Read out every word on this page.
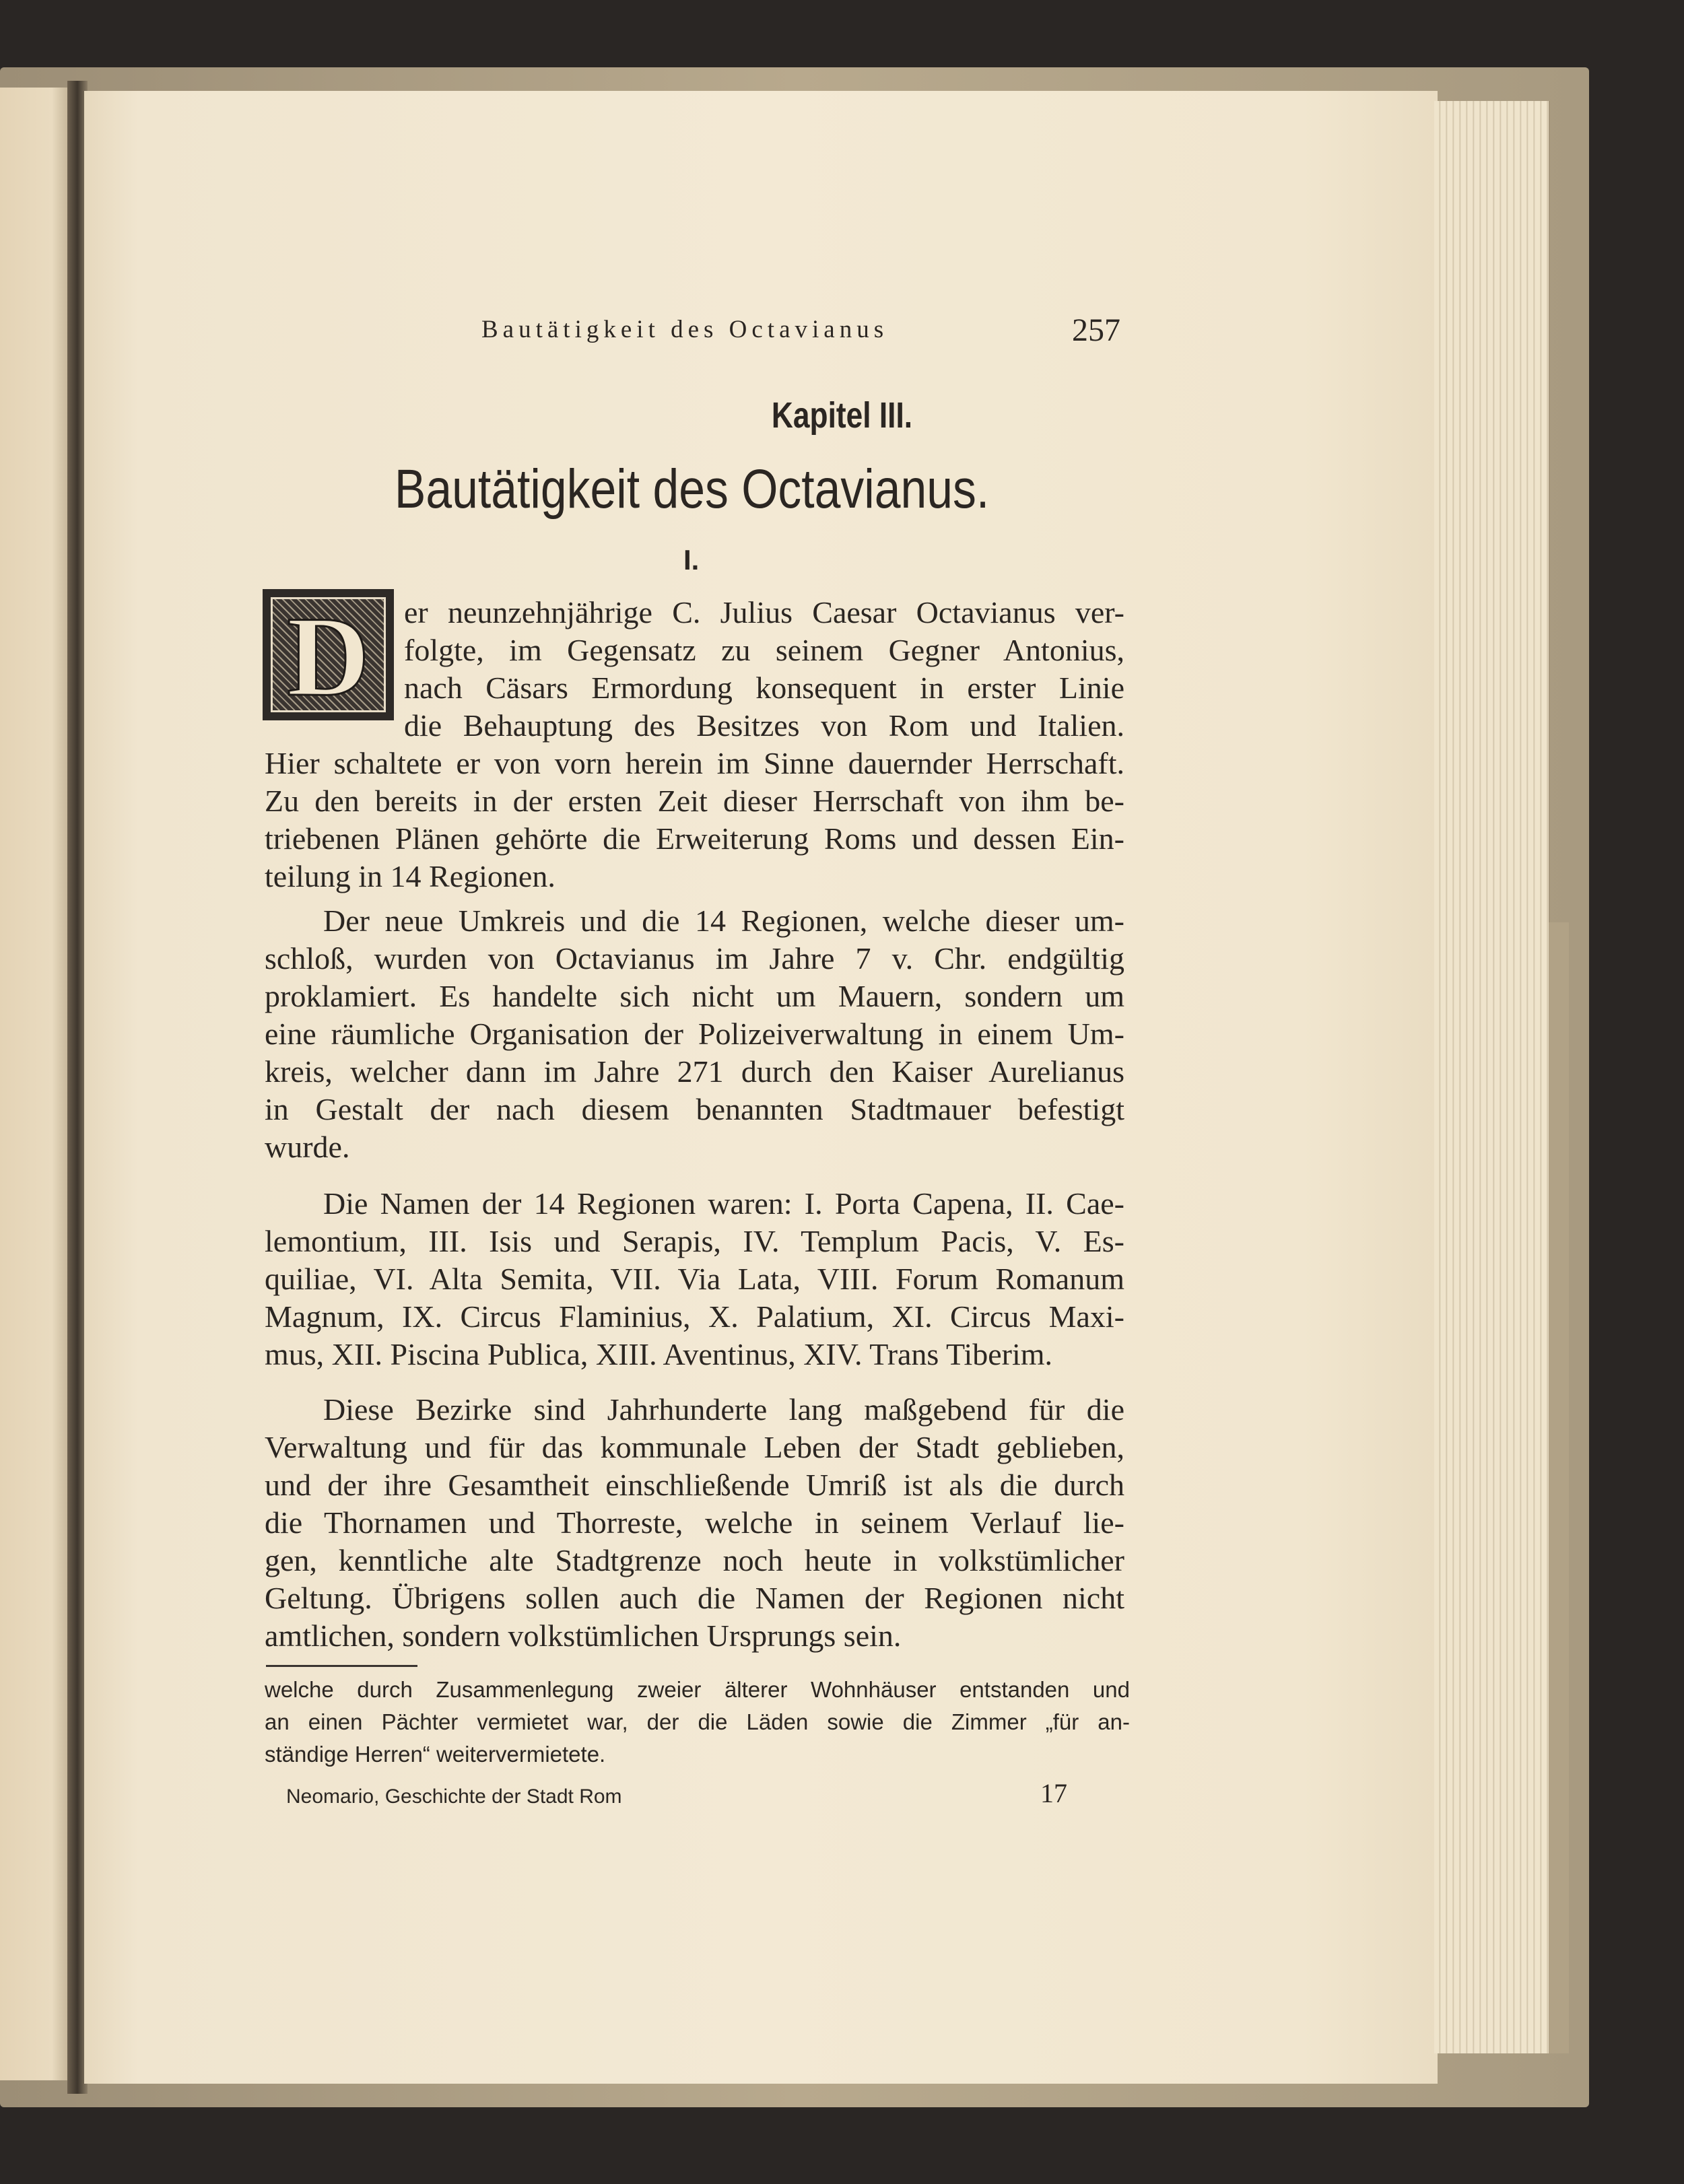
Bautätigkeit des Octavianus	257
Kapitel III.
Bautätigkeit des Octavianus.
I.
D	er neunzehnjährige C. Julius Caesar Octavianus ver-
folgte, im Gegensatz zu seinem Gegner Antonius,
nach Cäsars Ermordung konsequent in erster Linie
die Behauptung des Besitzes von Rom und Italien.
Hier schaltete er von vorn herein im Sinne dauernder Herrschaft.
Zu den bereits in der ersten Zeit dieser Herrschaft von ihm be-
triebenen Plänen gehörte die Erweiterung Roms und dessen Ein-
teilung in 14 Regionen.
Der neue Umkreis und die 14 Regionen, welche dieser um-
schloß, wurden von Octavianus im Jahre 7 v. Chr. endgültig
proklamiert. Es handelte sich nicht um Mauern, sondern um
eine räumliche Organisation der Polizeiverwaltung in einem Um-
kreis, welcher dann im Jahre 271 durch den Kaiser Aurelianus
in Gestalt der nach diesem benannten Stadtmauer befestigt
wurde.
Die Namen der 14 Regionen waren: I. Porta Capena, II. Cae-
lemontium, III. Isis und Serapis, IV. Templum Pacis, V. Es-
quiliae, VI. Alta Semita, VII. Via Lata, VIII. Forum Romanum
Magnum, IX. Circus Flaminius, X. Palatium, XI. Circus Maxi-
mus, XII. Piscina Publica, XIII. Aventinus, XIV. Trans Tiberim.
Diese Bezirke sind Jahrhunderte lang maßgebend für die
Verwaltung und für das kommunale Leben der Stadt geblieben,
und der ihre Gesamtheit einschließende Umriß ist als die durch
die Thornamen und Thorreste, welche in seinem Verlauf lie-
gen, kenntliche alte Stadtgrenze noch heute in volkstümlicher
Geltung. Übrigens sollen auch die Namen der Regionen nicht
amtlichen, sondern volkstümlichen Ursprungs sein.
welche durch Zusammenlegung zweier älterer Wohnhäuser entstanden und
an einen Pächter vermietet war, der die Läden sowie die Zimmer „für an-
ständige Herren“ weitervermietete.
Neomario, Geschichte der Stadt Rom	17
